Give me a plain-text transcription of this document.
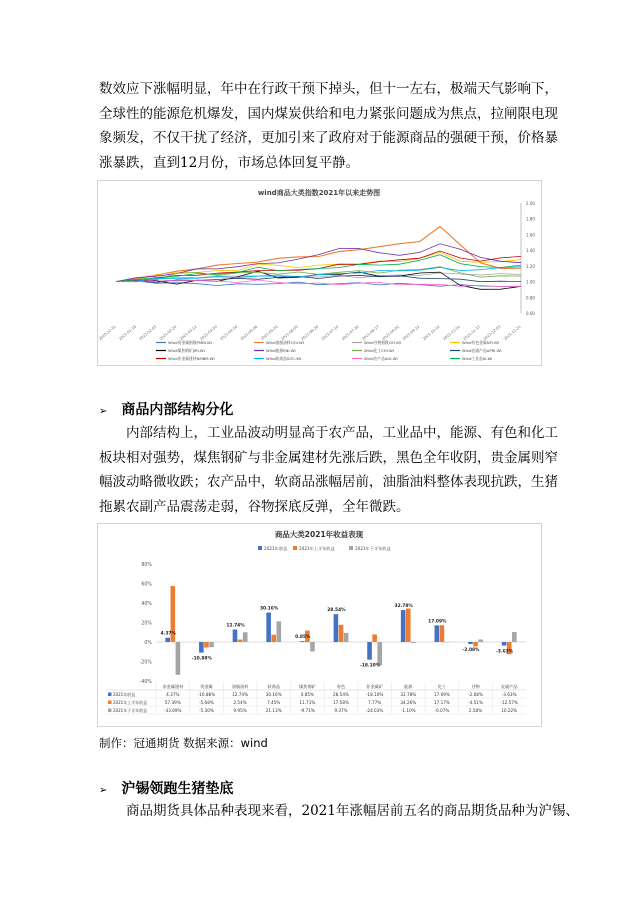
数效应下涨幅明显，年中在行政干预下掉头，但十一左右，极端天气影响下，
全球性的能源危机爆发，国内煤炭供给和电力紧张问题成为焦点，拉闸限电现
象频发，不仅干扰了经济，更加引来了政府对于能源商品的强硬干预，价格暴
涨暴跌，直到12月份，市场总体回复平静。
wind商品大类指数2021年以来走势图
2.00
1.80
1.60
1.40
1.20
1.00
0.80
0.60
2020-12-31 2021-01-18 2021-02-03 2021-02-24 2021-03-12 2021-03-30 2021-04-16 2021-05-06 2021-05-24 2021-06-09 2021-06-28 2021-07-14 2021-07-30 2021-08-17 2021-09-02 2021-09-22 2021-10-14 2021-11-01 2021-11-17 2021-12-03 2021-12-21
Wind贵金属指数PMBI.WI	Wind油脂油料OOI.WI	Wind谷物指数CEI.WI	Wind有色金属NFI.WI
Wind煤焦钢矿JJRI.WI	Wind能源ENI.WI	Wind化工CHI.WI	Wind农副产品APRI.WI
Wind非金属建材NMBM.WI	Wind软商品SOC.WI	Wind农产品AGI.WI	Wind工业品III.WI
➢ 商品内部结构分化
内部结构上，工业品波动明显高于农产品，工业品中，能源、有色和化工
板块相对强势，煤焦钢矿与非金属建材先涨后跌，黑色全年收阴，贵金属则窄
幅波动略微收跌；农产品中，软商品涨幅居前，油脂油料整体表现抗跌，生猪
拖累农副产品震荡走弱，谷物探底反弹，全年微跌。
商品大类2021年收益表现
2021年收益	2021年上半年收益	2021年下半年收益
80%
60%
40%
20%
0%
-20%
-40%
4.37%
-10.88%
12.74%
30.16%
0.85%
28.54%
-18.10%
32.78%
17.09%
-2.08%	-3.63%
非金属建材	贵金属	油脂油料	软商品	煤焦钢矿	有色	非金属矿	能源	化工	谷物	农副产品
2021年收益	4.37%	-10.88%	12.74%	30.16%	0.85%	28.54%	-18.10%	32.78%	17.09%	-2.08%	-3.63%
2021年上半年收益	57.39%	-5.68%	2.54%	7.45%	11.71%	17.58%	7.77%	34.26%	17.17%	-4.51%	-12.57%
2021年下半年收益	-33.69%	-5.30%	9.95%	21.13%	-9.71%	9.37%	-24.03%	-1.10%	-0.07%	2.58%	10.22%
制作：冠通期货 数据来源：wind
➢ 沪锡领跑生猪垫底
商品期货具体品种表现来看，2021年涨幅居前五名的商品期货品种为沪锡、
